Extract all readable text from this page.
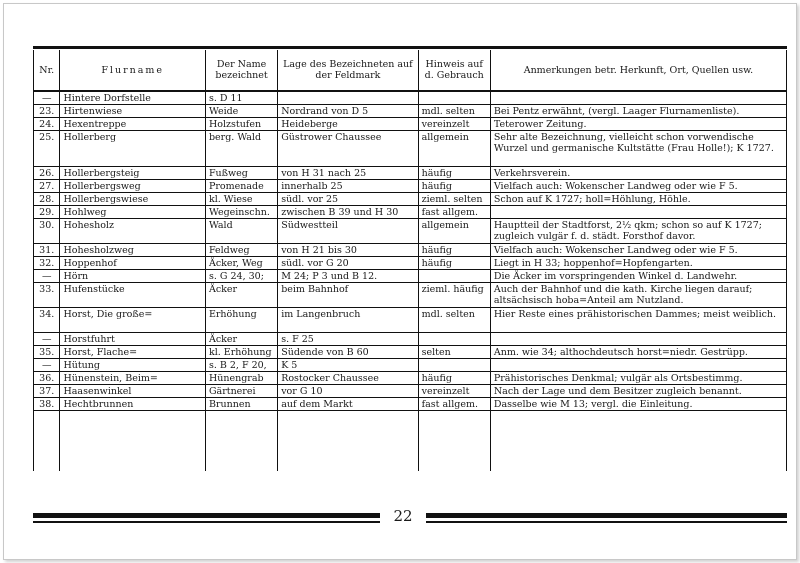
Nr.	Flurname	Der Name bezeichnet	Lage des Bezeichneten auf der Feldmark	Hinweis auf d. Gebrauch	Anmerkungen betr. Herkunft, Ort, Quellen usw.
—	Hintere Dorfstelle	s. D 11			
23.	Hirtenwiese	Weide	Nordrand von D 5	mdl. selten	Bei Pentz erwähnt, (vergl. Laager Flurnamenliste).
24.	Hexentreppe	Holzstufen	Heideberge	vereinzelt	Teterower Zeitung.
25.	Hollerberg	berg. Wald	Güstrower Chaussee	allgemein	Sehr alte Bezeichnung, vielleicht schon vorwendische Wurzel und germanische Kultstätte (Frau Holle!); K 1727.
26.	Hollerbergsteig	Fußweg	von H 31 nach 25	häufig	Verkehrsverein.
27.	Hollerbergsweg	Promenade	innerhalb 25	häufig	Vielfach auch: Wokenscher Landweg oder wie F 5.
28.	Hollerbergswiese	kl. Wiese	südl. vor 25	zieml. selten	Schon auf K 1727; holl=Höhlung, Höhle.
29.	Hohlweg	Wegeinschn.	zwischen B 39 und H 30	fast allgem.	
30.	Hohesholz	Wald	Südwestteil	allgemein	Hauptteil der Stadtforst, 2½ qkm; schon so auf K 1727; zugleich vulgär f. d. städt. Forsthof davor.
31.	Hohesholzweg	Feldweg	von H 21 bis 30	häufig	Vielfach auch: Wokenscher Landweg oder wie F 5.
32.	Hoppenhof	Äcker, Weg	südl. vor G 20	häufig	Liegt in H 33; hoppenhof=Hopfengarten.
—	Hörn	s. G 24, 30;	M 24; P 3 und B 12.		Die Äcker im vorspringenden Winkel d. Landwehr.
33.	Hufenstücke	Äcker	beim Bahnhof	zieml. häufig	Auch der Bahnhof und die kath. Kirche liegen darauf; altsächsisch hoba=Anteil am Nutzland.
34.	Horst, Die große=	Erhöhung	im Langenbruch	mdl. selten	Hier Reste eines prähistorischen Dammes; meist weiblich.
—	Horstfuhrt	Äcker	s. F 25		
35.	Horst, Flache=	kl. Erhöhung	Südende von B 60	selten	Anm. wie 34; althochdeutsch horst=niedr. Gestrüpp.
—	Hütung	s. B 2, F 20,	K 5		
36.	Hünenstein, Beim=	Hünengrab	Rostocker Chaussee	häufig	Prähistorisches Denkmal; vulgär als Ortsbestimmg.
37.	Haasenwinkel	Gärtnerei	vor G 10	vereinzelt	Nach der Lage und dem Besitzer zugleich benannt.
38.	Hechtbrunnen	Brunnen	auf dem Markt	fast allgem.	Dasselbe wie M 13; vergl. die Einleitung.

22
